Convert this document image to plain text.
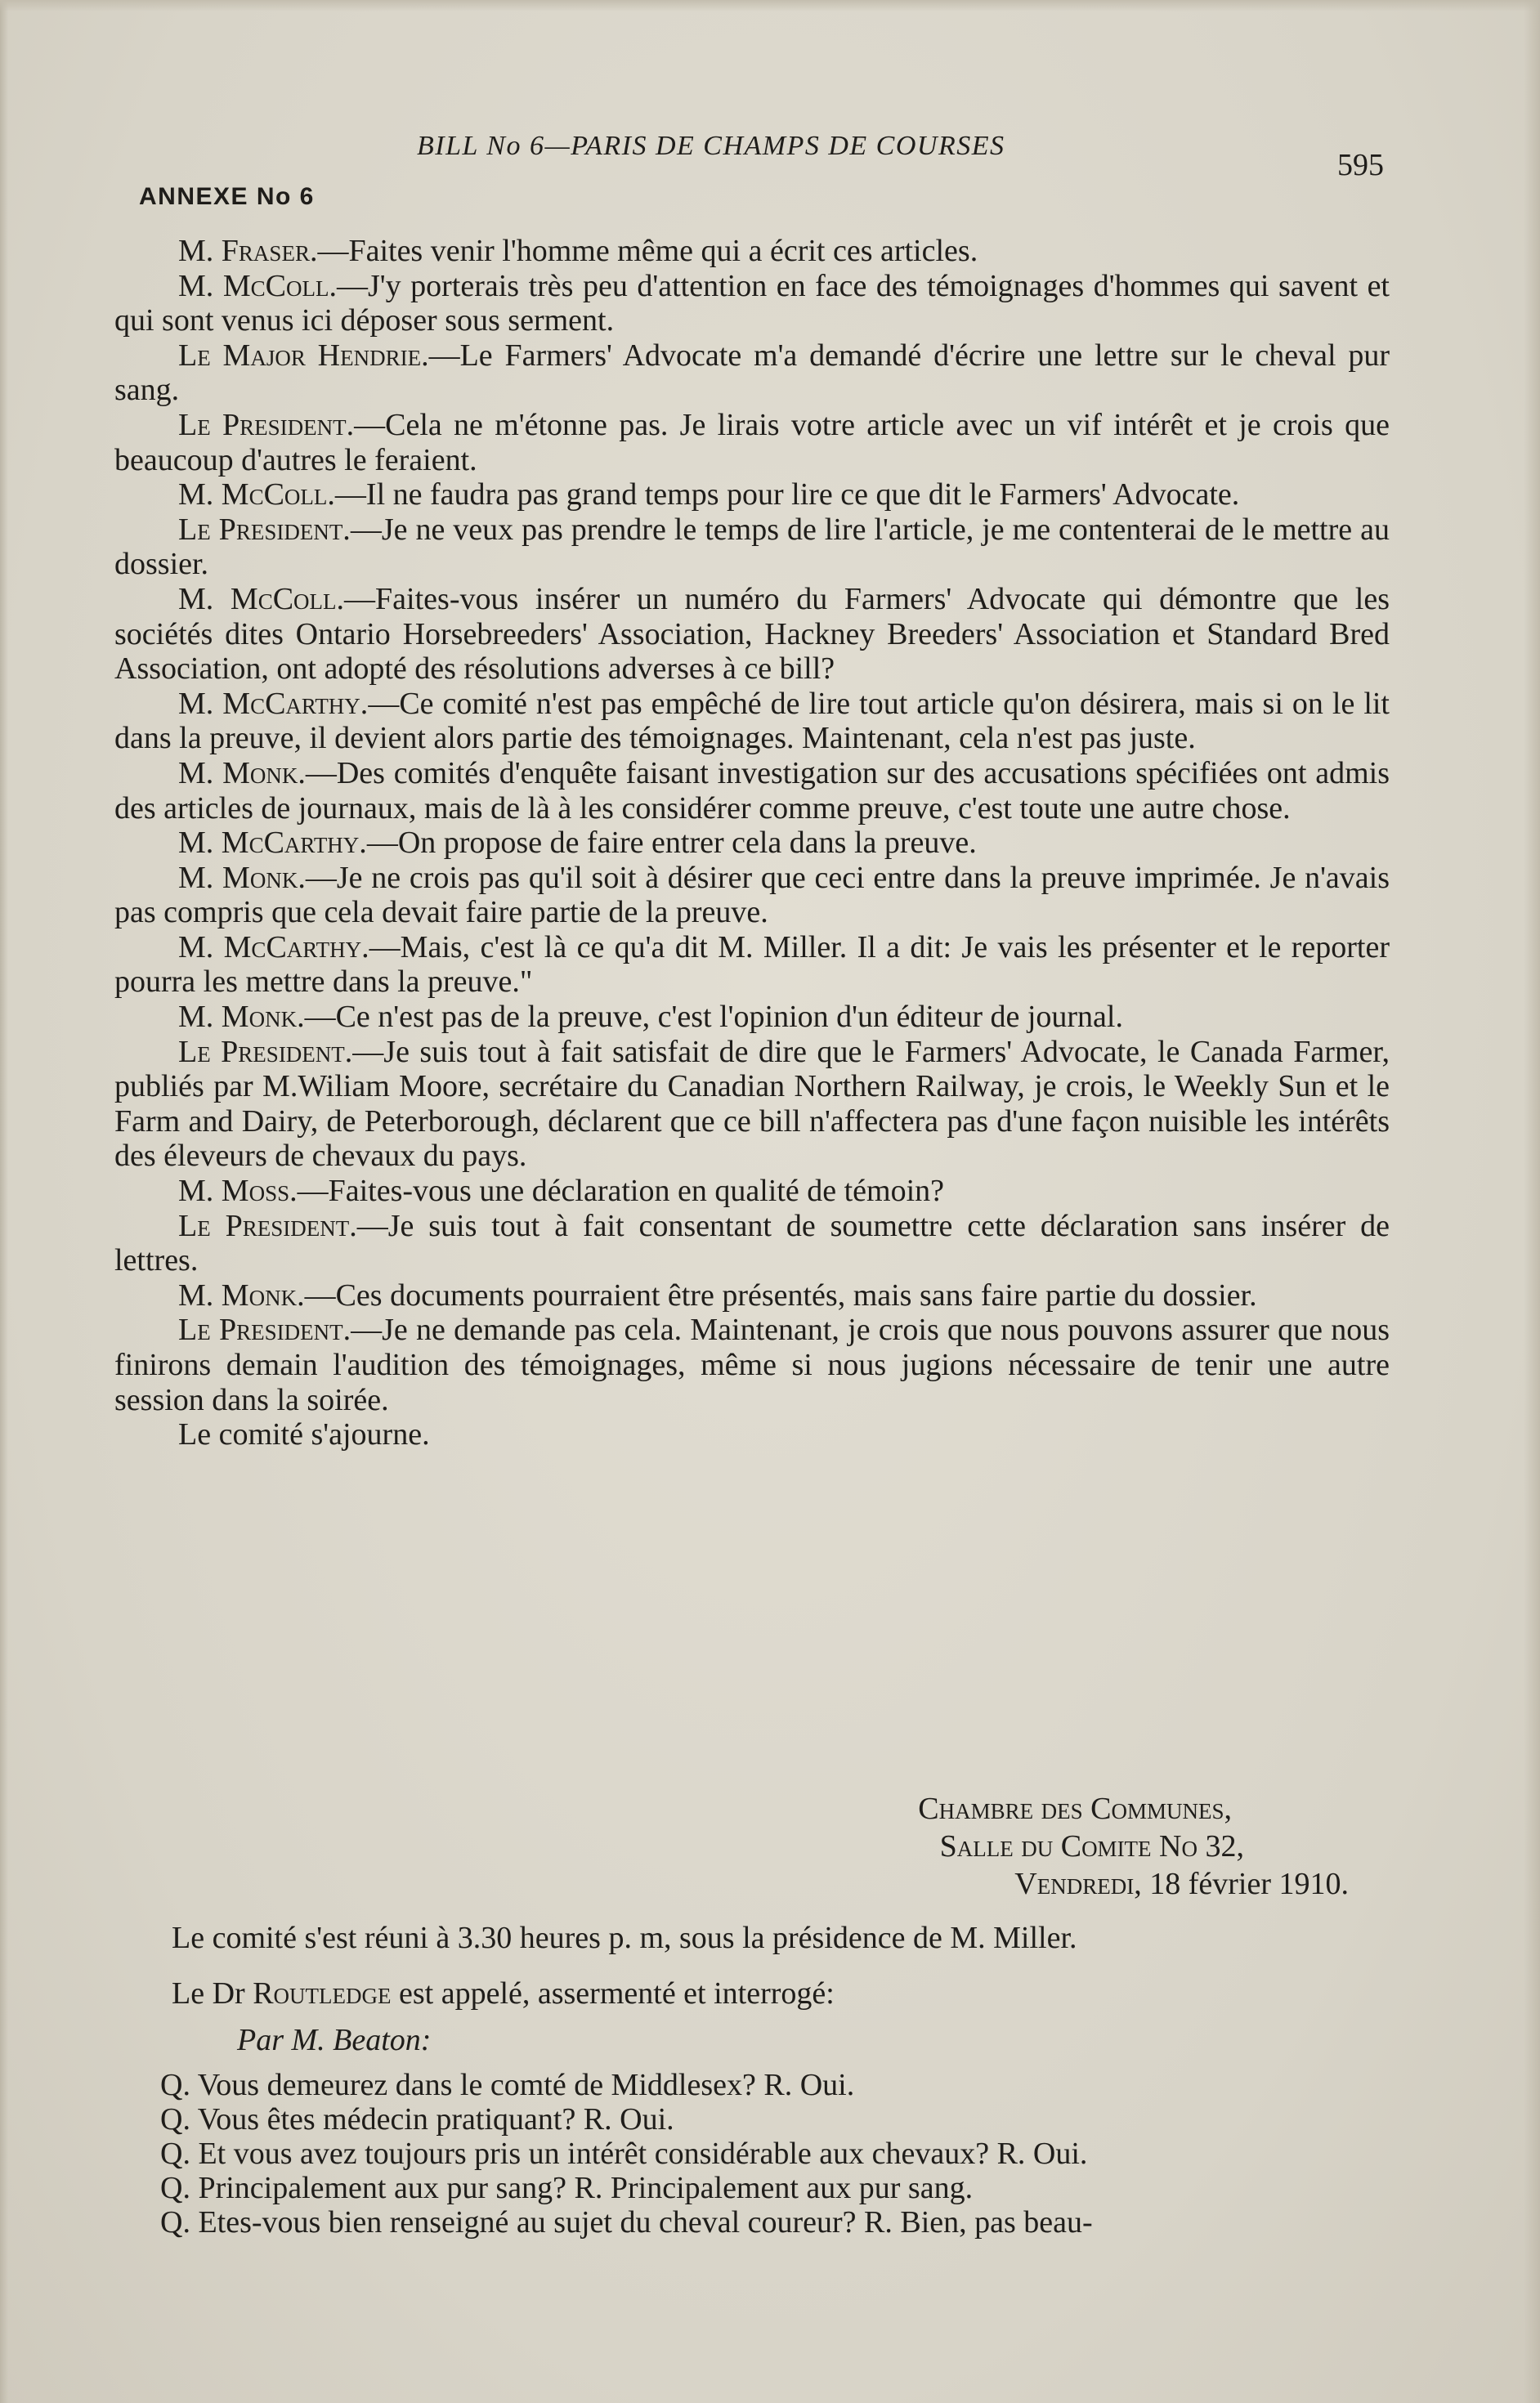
BILL No 6—PARIS DE CHAMPS DE COURSES
595
ANNEXE No 6

M. Fraser.—Faites venir l'homme même qui a écrit ces articles.

M. McColl.—J'y porterais très peu d'attention en face des témoignages d'hommes qui savent et qui sont venus ici déposer sous serment.

Le Major Hendrie.—Le Farmers' Advocate m'a demandé d'écrire une lettre sur le cheval pur sang.

Le President.—Cela ne m'étonne pas. Je lirais votre article avec un vif intérêt et je crois que beaucoup d'autres le feraient.

M. McColl.—Il ne faudra pas grand temps pour lire ce que dit le Farmers' Advocate.

Le President.—Je ne veux pas prendre le temps de lire l'article, je me contenterai de le mettre au dossier.

M. McColl.—Faites-vous insérer un numéro du Farmers' Advocate qui démontre que les sociétés dites Ontario Horsebreeders' Association, Hackney Breeders' Association et Standard Bred Association, ont adopté des résolutions adverses à ce bill?

M. McCarthy.—Ce comité n'est pas empêché de lire tout article qu'on désirera, mais si on le lit dans la preuve, il devient alors partie des témoignages. Maintenant, cela n'est pas juste.

M. Monk.—Des comités d'enquête faisant investigation sur des accusations spécifiées ont admis des articles de journaux, mais de là à les considérer comme preuve, c'est toute une autre chose.

M. McCarthy.—On propose de faire entrer cela dans la preuve.

M. Monk.—Je ne crois pas qu'il soit à désirer que ceci entre dans la preuve imprimée. Je n'avais pas compris que cela devait faire partie de la preuve.

M. McCarthy.—Mais, c'est là ce qu'a dit M. Miller. Il a dit: Je vais les présenter et le reporter pourra les mettre dans la preuve."

M. Monk.—Ce n'est pas de la preuve, c'est l'opinion d'un éditeur de journal.

Le President.—Je suis tout à fait satisfait de dire que le Farmers' Advocate, le Canada Farmer, publiés par M.Wiliam Moore, secrétaire du Canadian Northern Railway, je crois, le Weekly Sun et le Farm and Dairy, de Peterborough, déclarent que ce bill n'affectera pas d'une façon nuisible les intérêts des éleveurs de chevaux du pays.

M. Moss.—Faites-vous une déclaration en qualité de témoin?

Le President.—Je suis tout à fait consentant de soumettre cette déclaration sans insérer de lettres.

M. Monk.—Ces documents pourraient être présentés, mais sans faire partie du dossier.

Le President.—Je ne demande pas cela. Maintenant, je crois que nous pouvons assurer que nous finirons demain l'audition des témoignages, même si nous jugions nécessaire de tenir une autre session dans la soirée.

Le comité s'ajourne.

Chambre des Communes,
Salle du Comite No 32,
Vendredi, 18 février 1910.

Le comité s'est réuni à 3.30 heures p. m, sous la présidence de M. Miller.

Le Dr Routledge est appelé, assermenté et interrogé:

Par M. Beaton:
Q. Vous demeurez dans le comté de Middlesex? R. Oui.
Q. Vous êtes médecin pratiquant? R. Oui.
Q. Et vous avez toujours pris un intérêt considérable aux chevaux? R. Oui.
Q. Principalement aux pur sang? R. Principalement aux pur sang.
Q. Etes-vous bien renseigné au sujet du cheval coureur? R. Bien, pas beau-
